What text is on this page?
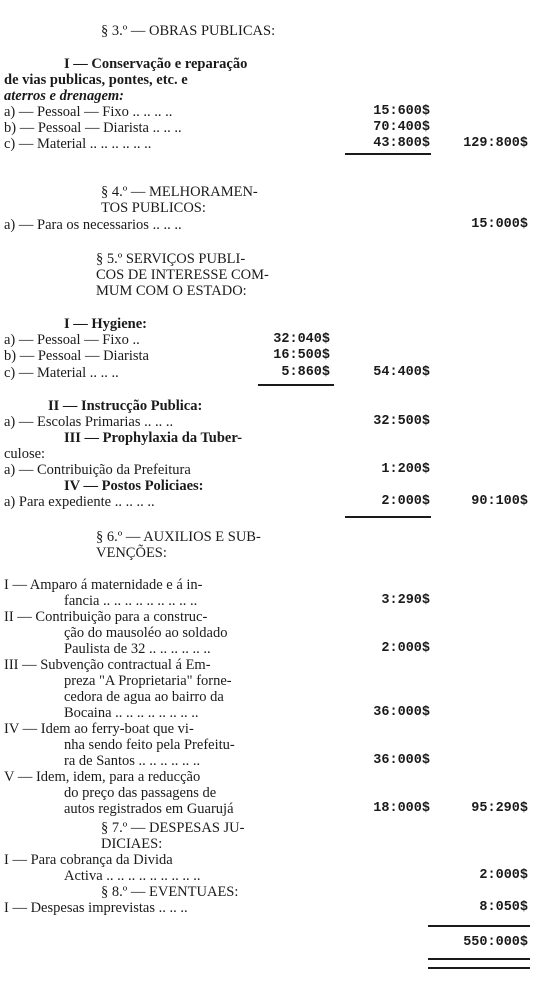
§ 3.º — OBRAS PUBLICAS:
I — Conservação e reparação
de vias publicas, pontes, etc. e
aterros e drenagem:
a) — Pessoal — Fixo .. .. .. ..	15:600$
b) — Pessoal — Diarista .. .. ..	70:400$
c) — Material .. .. .. .. .. ..	43:800$	129:800$
§ 4.º — MELHORAMEN-
TOS PUBLICOS:
a) — Para os necessarios .. .. ..	15:000$
§ 5.º SERVIÇOS PUBLI-
COS DE INTERESSE COM-
MUM COM O ESTADO:
I — Hygiene:
a) — Pessoal — Fixo ..	32:040$
b) — Pessoal — Diarista	16:500$
c) — Material .. .. ..	5:860$	54:400$
II — Instrucção Publica:
a) — Escolas Primarias .. .. ..	32:500$
III — Prophylaxia da Tuber-
culose:
a) — Contribuição da Prefeitura	1:200$
IV — Postos Policiaes:
a) Para expediente .. .. .. ..	2:000$	90:100$
§ 6.º — AUXILIOS E SUB-
VENÇÕES:
I — Amparo á maternidade e á in-
fancia .. .. .. .. .. .. .. .. ..	3:290$
II — Contribuição para a construc-
ção do mausoléo ao soldado
Paulista de 32 .. .. .. .. .. ..	2:000$
III — Subvenção contractual á Em-
preza "A Proprietaria" forne-
cedora de agua ao bairro da
Bocaina .. .. .. .. .. .. .. ..	36:000$
IV — Idem ao ferry-boat que vi-
nha sendo feito pela Prefeitu-
ra de Santos .. .. .. .. .. ..	36:000$
V — Idem, idem, para a reducção
do preço das passagens de
autos registrados em Guarujá	18:000$	95:290$
§ 7.º — DESPESAS JU-
DICIAES:
I — Para cobrança da Divida
Activa .. .. .. .. .. .. .. .. ..	2:000$
§ 8.º — EVENTUAES:
I — Despesas imprevistas .. .. ..	8:050$
550:000$
